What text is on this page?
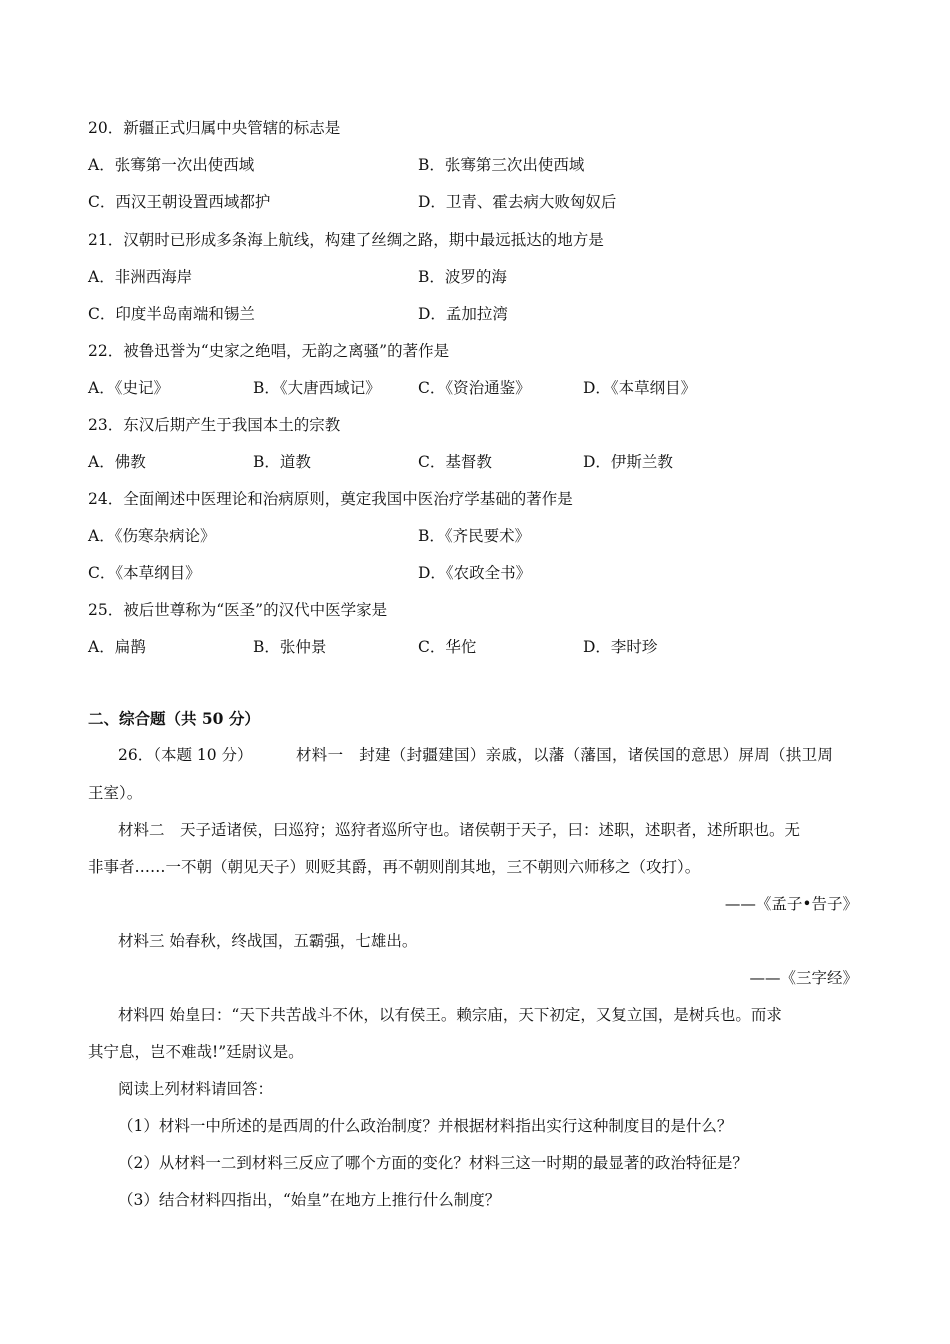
20．新疆正式归属中央管辖的标志是
A．张骞第一次出使西域	B．张骞第三次出使西域
C．西汉王朝设置西域都护	D．卫青、霍去病大败匈奴后
21．汉朝时已形成多条海上航线，构建了丝绸之路，期中最远抵达的地方是
A．非洲西海岸	B．波罗的海
C．印度半岛南端和锡兰	D．孟加拉湾
22．被鲁迅誉为“史家之绝唱，无韵之离骚”的著作是
A．《史记》	B．《大唐西域记》 C．《资治通鉴》	D．《本草纲目》
23．东汉后期产生于我国本土的宗教
A．佛教	B．道教	C．基督教	D．伊斯兰教
24．全面阐述中医理论和治病原则，奠定我国中医治疗学基础的著作是
A．《伤寒杂病论》	B．《齐民要术》
C．《本草纲目》	D．《农政全书》
25．被后世尊称为“医圣”的汉代中医学家是
A．扁鹊	B．张仲景	C．华佗	D．李时珍
二、综合题（共 50 分）
26．（本题 10 分）	材料一　封建（封疆建国）亲戚，以藩（藩国，诸侯国的意思）屏周（拱卫周
王室）。
材料二　天子适诸侯，曰巡狩；巡狩者巡所守也。诸侯朝于天子，曰：述职，述职者，述所职也。无
非事者……一不朝（朝见天子）则贬其爵，再不朝则削其地，三不朝则六师移之（攻打）。
——《孟子•告子》
材料三 始春秋，终战国，五霸强，七雄出。
——《三字经》
材料四 始皇曰：“天下共苦战斗不休，以有侯王。赖宗庙，天下初定，又复立国，是树兵也。而求
其宁息，岂不难哉!”廷尉议是。
阅读上列材料请回答：
（1）材料一中所述的是西周的什么政治制度？并根据材料指出实行这种制度目的是什么？
（2）从材料一二到材料三反应了哪个方面的变化？材料三这一时期的最显著的政治特征是？
（3）结合材料四指出，“始皇”在地方上推行什么制度？
